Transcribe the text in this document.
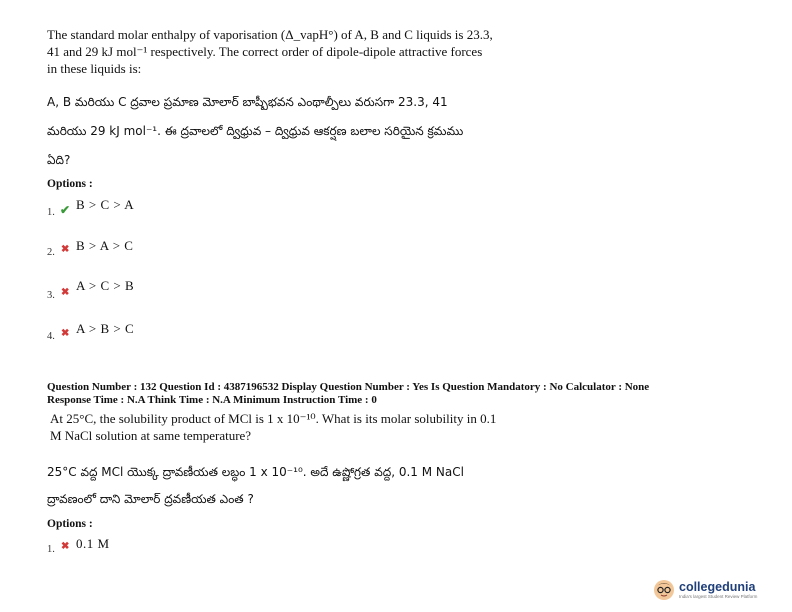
The standard molar enthalpy of vaporisation (Δ_vapH°) of A, B and C liquids is 23.3,
41 and 29 kJ mol⁻¹ respectively. The correct order of dipole-dipole attractive forces
in these liquids is:
A, B మరియు C ద్రవాల ప్రమాణ మోలార్ బాష్పీభవన ఎంథాల్పీలు వరుసగా 23.3, 41
మరియు 29 kJ mol⁻¹. ఈ ద్రవాలలో ద్విధ్రువ – ద్విధ్రువ ఆకర్షణ బలాల సరియైన క్రమము
ఏది?
Options :
1. ✔ B > C > A
2. ✖ B > A > C
3. ✖ A > C > B
4. ✖ A > B > C
Question Number : 132 Question Id : 4387196532 Display Question Number : Yes Is Question Mandatory : No Calculator : None
Response Time : N.A Think Time : N.A Minimum Instruction Time : 0
At 25°C, the solubility product of MCl is 1 x 10⁻¹⁰. What is its molar solubility in 0.1
M NaCl solution at same temperature?
25°C వద్ద MCl యొక్క ద్రావణీయత లబ్ధం 1 x 10⁻¹⁰. అదే ఉష్ణోగ్రత వద్ద, 0.1 M NaCl
ద్రావణంలో దాని మోలార్ ద్రవణీయత ఎంత ?
Options :
1. ✖ 0.1 M
collegedunia
India's largest Student Review Platform
